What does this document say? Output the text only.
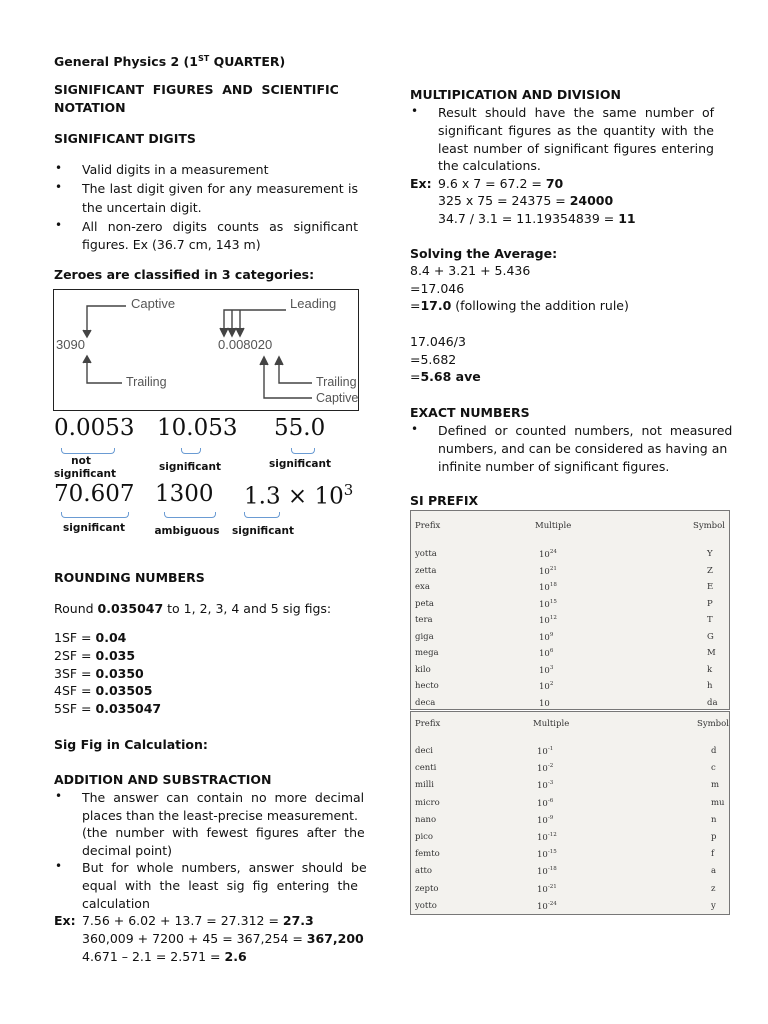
General Physics 2 (1ST QUARTER)
SIGNIFICANT  FIGURES  AND  SCIENTIFIC
NOTATION
SIGNIFICANT DIGITS
• Valid digits in a measurement
• The last digit given for any measurement is
the uncertain digit.
• All  non-zero  digits  counts  as  significant
figures. Ex (36.7 cm, 143 m)
Zeroes are classified in 3 categories:
Captive	Leading
3090	0.008020
Trailing	Trailing
Captive
0.0053
not significant
10.053
significant
55.0
significant
70.607
significant
1300
ambiguous
$1.3 \times 10^3$
significant
ROUNDING NUMBERS
Round 0.035047 to 1, 2, 3, 4 and 5 sig figs:
1SF = 0.04
2SF = 0.035
3SF = 0.0350
4SF = 0.03505
5SF = 0.035047
Sig Fig in Calculation:
ADDITION AND SUBSTRACTION
• The  answer  can  contain  no  more  decimal
places than the least-precise measurement.
(the  number  with  fewest  figures  after  the
decimal point)
• But  for  whole  numbers,  answer  should  be
equal  with  the  least  sig  fig  entering  the
calculation
Ex: 7.56 + 6.02 + 13.7 = 27.312 = 27.3
360,009 + 7200 + 45 = 367,254 = 367,200
4.671 – 2.1 = 2.571 = 2.6
MULTIPICATION AND DIVISION
• Result  should  have  the  same  number  of
significant figures as the quantity with the
least number of significant figures entering
the calculations.
Ex: 9.6 x 7 = 67.2 = 70
325 x 75 = 24375 = 24000
34.7 / 3.1 = 11.19354839 = 11
Solving the Average:
8.4 + 3.21 + 5.436
=17.046
=17.0 (following the addition rule)
17.046/3
=5.682
=5.68 ave
EXACT NUMBERS
• Defined  or  counted  numbers,  not  measured
numbers, and can be considered as having an
infinite number of significant figures.
SI PREFIX
Prefix	Multiple	Symbol
yotta	$10^{24}$	Y
zetta	$10^{21}$	Z
exa	$10^{18}$	E
peta	$10^{15}$	P
tera	$10^{12}$	T
giga	$10^9$	G
mega	$10^6$	M
kilo	$10^3$	k
hecto	$10^2$	h
deca	10	da
Prefix	Multiple	Symbol
deci	$10^{-1}$	d
centi	$10^{-2}$	c
milli	$10^{-3}$	m
micro	$10^{-6}$	mu
nano	$10^{-9}$	n
pico	$10^{-12}$	p
femto	$10^{-15}$	f
atto	$10^{-18}$	a
zepto	$10^{-21}$	z
yotto	$10^{-24}$	y
